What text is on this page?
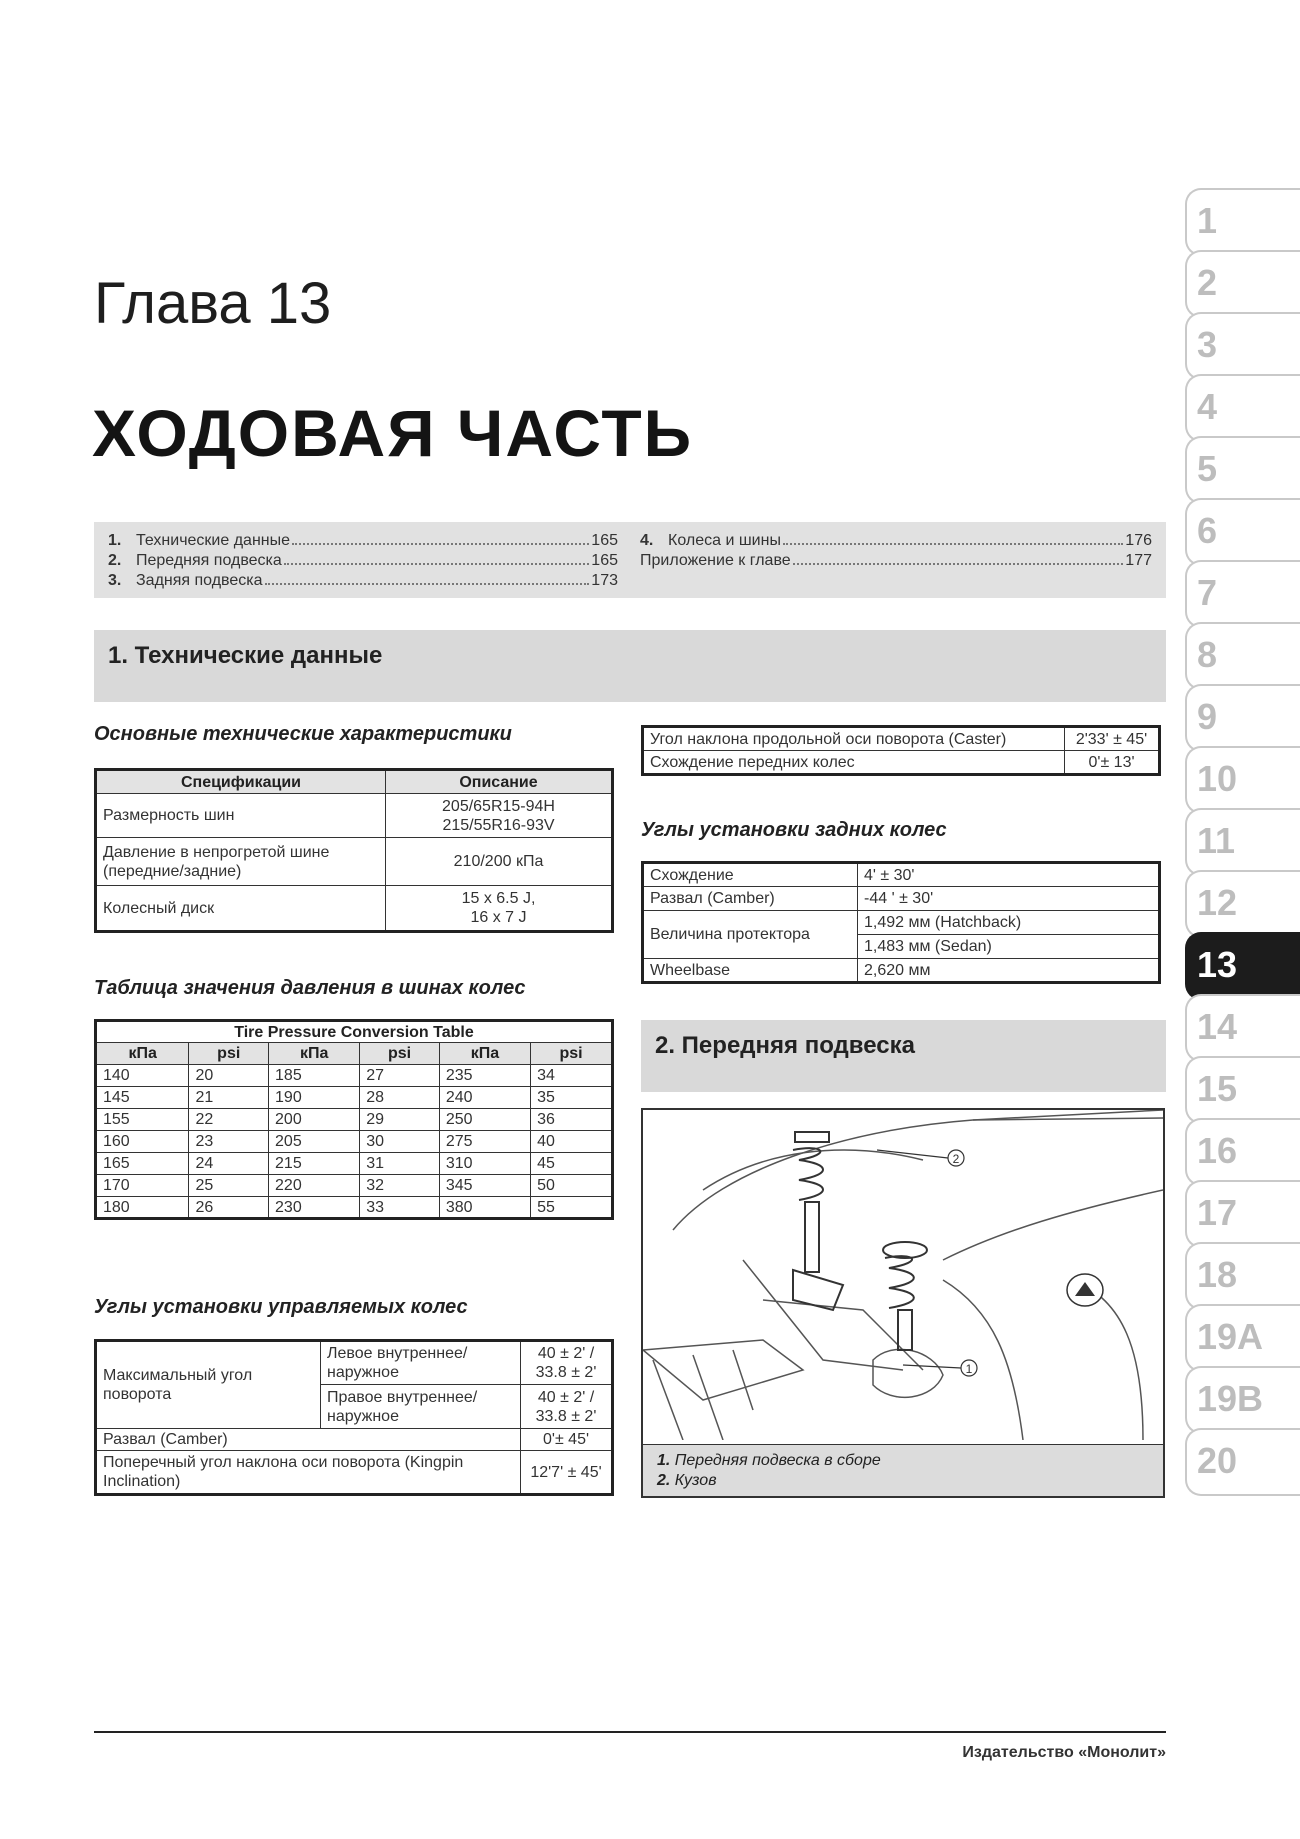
Глава 13
ХОДОВАЯ ЧАСТЬ
1. Технические данные	165
2. Передняя подвеска	165
3. Задняя подвеска	173
4. Колеса и шины	176
Приложение к главе	177
1. Технические данные
Основные технические характеристики
Спецификации	Описание
Размерность шин	205/65R15-94H
215/55R16-93V

Давление в непрогретой шине (передние/задние)	210/200 кПа
Колесный диск	15 x 6.5 J,
16 x 7 J
Таблица значения давления в шинах колес
Tire Pressure Conversion Table					
кПа	psi	кПа	psi	кПа	psi
140	20	185	27	235	34
145	21	190	28	240	35
155	22	200	29	250	36
160	23	205	30	275	40
165	24	215	31	310	45
170	25	220	32	345	50
180	26	230	33	380	55
Углы установки управляемых колес
Максимальный угол поворота	Левое внутреннее/ наружное	40 ± 2' / 33.8 ± 2'
	Правое внутреннее/ наружное	40 ± 2' / 33.8 ± 2'
Развал (Camber)		0'± 45'
Поперечный угол наклона оси поворота (Kingpin Inclination)		12'7' ± 45'
Угол наклона продольной оси поворота (Caster)	2'33' ± 45'
Схождение передних колес	0'± 13'
Углы установки задних колес
Схождение	4' ± 30'
Развал (Camber)	-44 ' ± 30'
Величина протектора	1,492 мм (Hatchback)
	1,483 мм (Sedan)
Wheelbase	2,620 мм
2. Передняя подвеска
2
1
1. Передняя подвеска в сборе
2. Кузов
1
2
3
4
5
6
7
8
9
10
11
12
13
14
15
16
17
18
19A
19B
20
Издательство «Монолит»
